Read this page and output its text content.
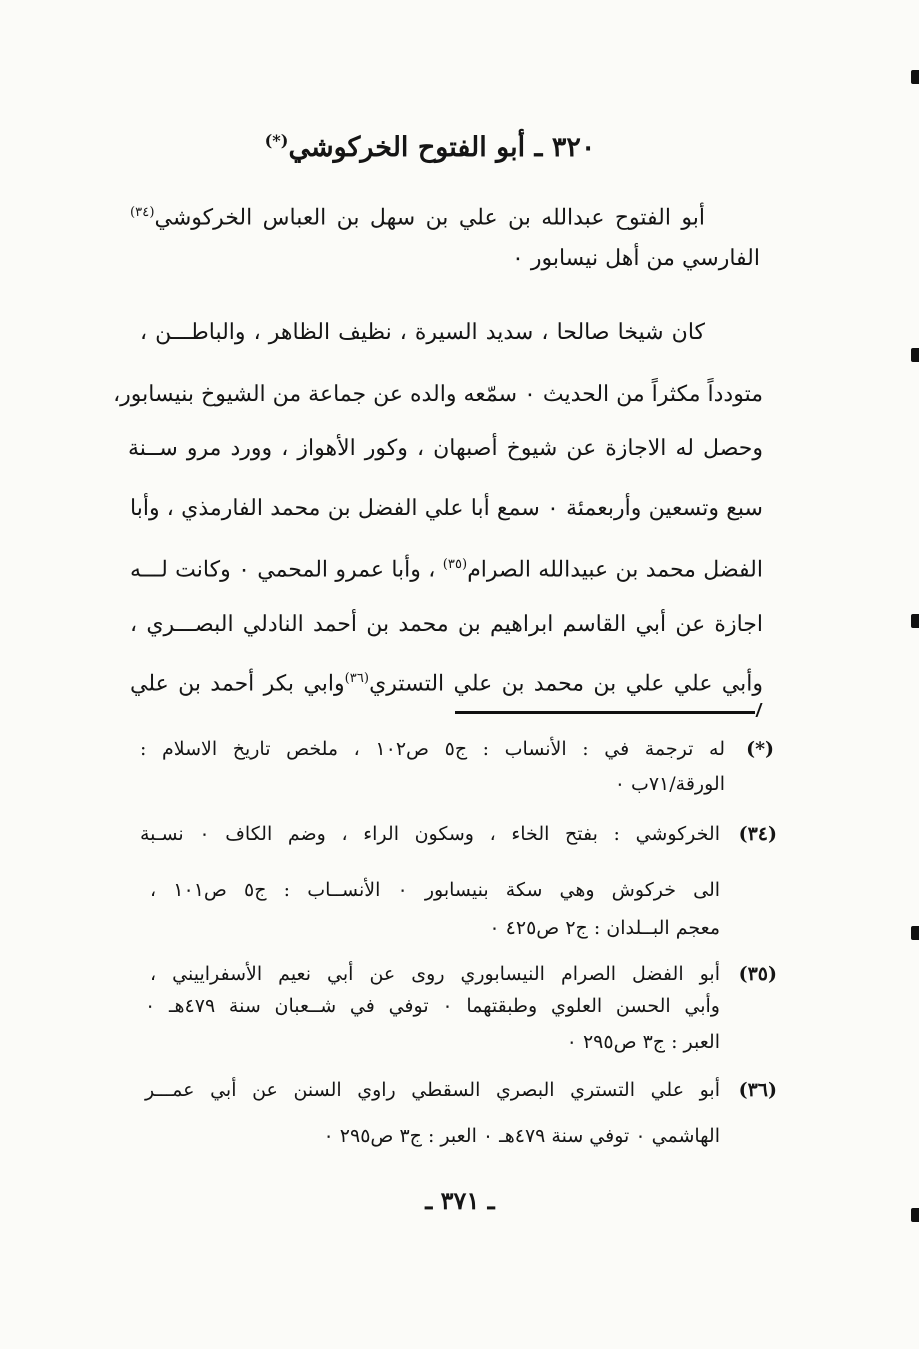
٣٢٠ ـ أبو الفتوح الخركوشي(*)
أبو الفتوح عبدالله بن علي بن سهل بن العباس الخركوشي$^{(٣٤)}$
الفارسي من أهل نيسابور ٠
كان شيخا صالحا ، سديد السيرة ، نظيف الظاهر ، والباطـــن ،
متودداً مكثراً من الحديث ٠ سمّعه والده عن جماعة من الشيوخ بنيسابور،
وحصل له الاجازة عن شيوخ أصبهان ، وكور الأهواز ، وورد مرو ســنة
سبع وتسعين وأربعمئة ٠ سمع أبا علي الفضل بن محمد الفارمذي ، وأبا
الفضل محمد بن عبيدالله الصرام$^{(٣٥)}$ ، وأبا عمرو المحمي ٠ وكانت لـــه
اجازة عن أبي القاسم ابراهيم بن محمد بن أحمد النادلي البصـــري ،
وأبي علي علي بن محمد بن علي التستري$^{(٣٦)}$وابي بكر أحمد بن علي
(*)
له ترجمة في : الأنساب : ج٥ ص١٠٢ ، ملخص تاريخ الاسلام :
الورقة/٧١ب ٠
(٣٤)
الخركوشي : بفتح الخاء ، وسكون الراء ، وضم الكاف ٠ نسـبة
الى خركوش وهي سكة بنيسابور ٠ الأنســاب : ج٥ ص١٠١ ،
معجم البــلدان : ج٢ ص٤٢٥ ٠
(٣٥)
أبو الفضل الصرام النيسابوري روى عن أبي نعيم الأسفراييني ،
وأبي الحسن العلوي وطبقتهما ٠ توفي في شــعبان سنة ٤٧٩هـ ٠
العبر : ج٣ ص٢٩٥ ٠
(٣٦)
أبو علي التستري البصري السقطي راوي السنن عن أبي عمـــر
الهاشمي ٠ توفي سنة ٤٧٩هـ ٠ العبر : ج٣ ص٢٩٥ ٠
ـ ٣٧١ ـ
